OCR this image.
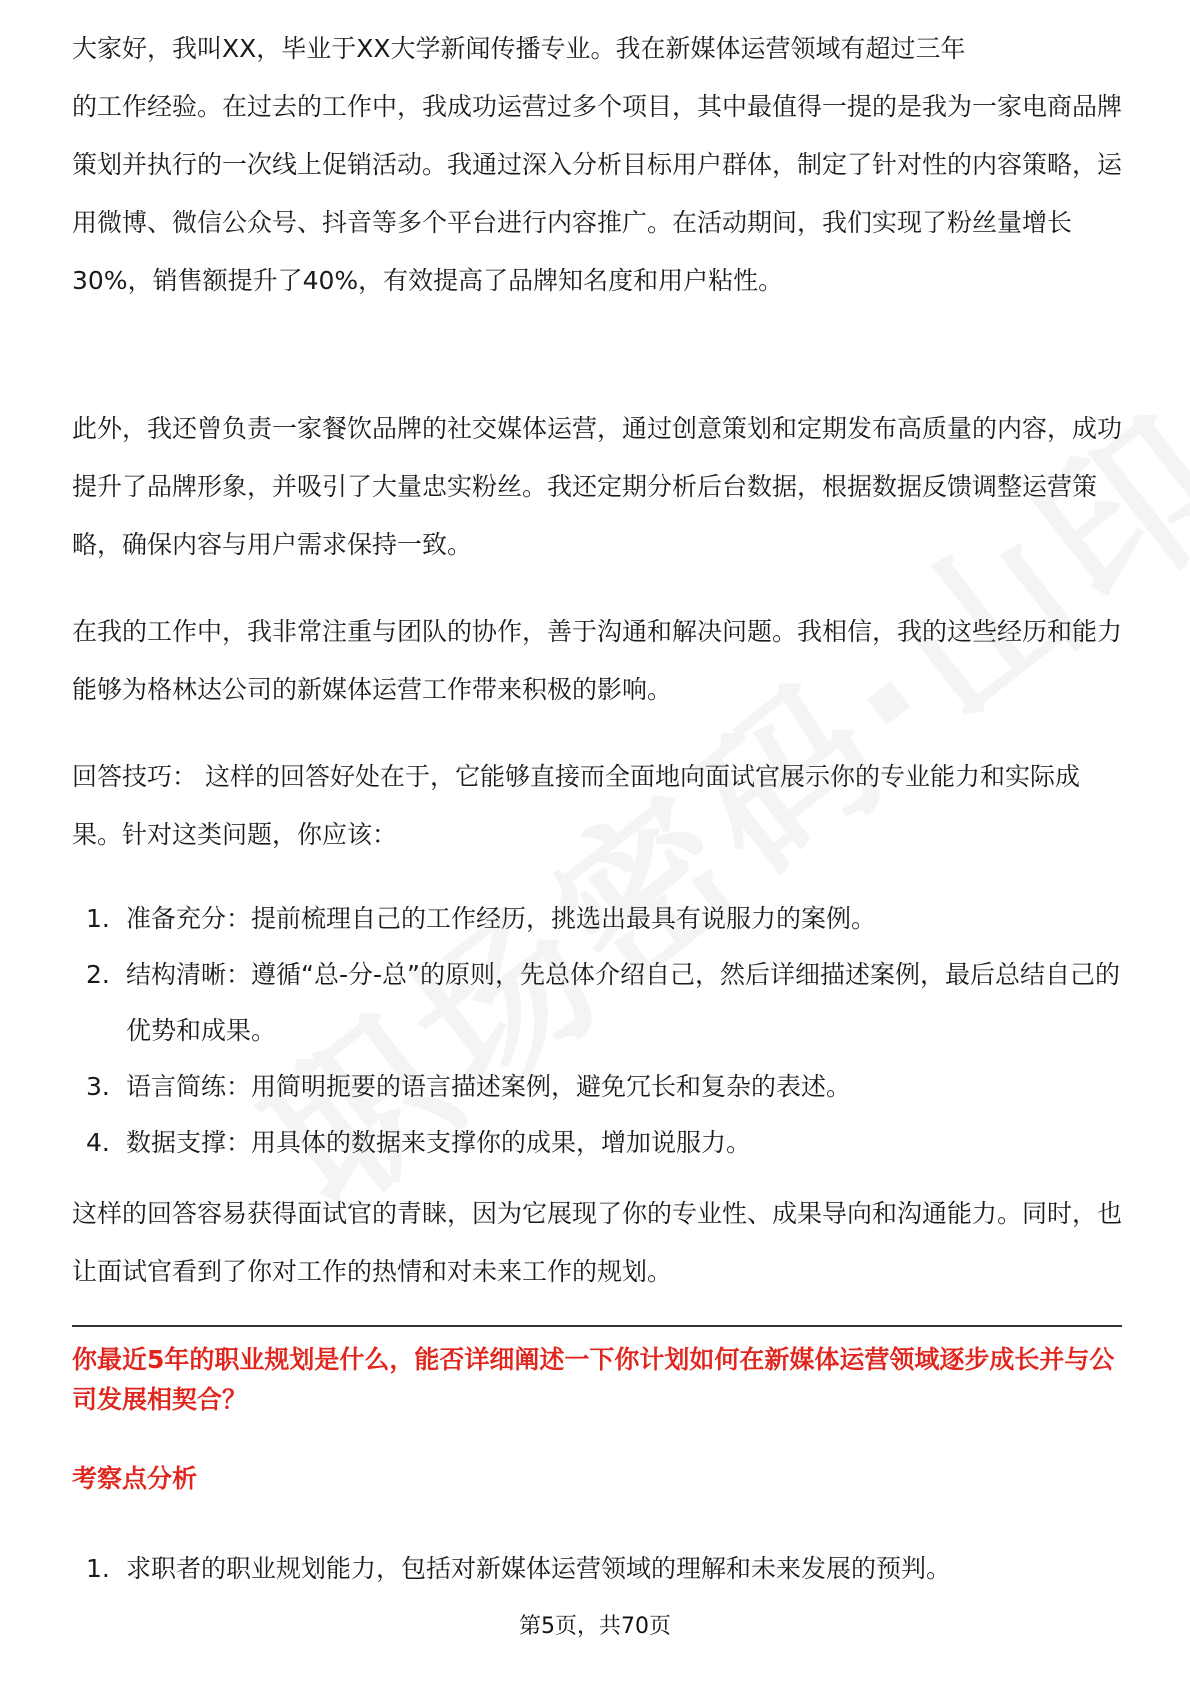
大家好，我叫XX，毕业于XX大学新闻传播专业。我在新媒体运营领域有超过三年
的工作经验。在过去的工作中，我成功运营过多个项目，其中最值得一提的是我为一家电商品牌策划并执行的一次线上促销活动。我通过深入分析目标用户群体，制定了针对性的内容策略，运用微博、微信公众号、抖音等多个平台进行内容推广。在活动期间，我们实现了粉丝量增长30%，销售额提升了40%，有效提高了品牌知名度和用户粘性。

此外，我还曾负责一家餐饮品牌的社交媒体运营，通过创意策划和定期发布高质量的内容，成功提升了品牌形象，并吸引了大量忠实粉丝。我还定期分析后台数据，根据数据反馈调整运营策略，确保内容与用户需求保持一致。

在我的工作中，我非常注重与团队的协作，善于沟通和解决问题。我相信，我的这些经历和能力能够为格林达公司的新媒体运营工作带来积极的影响。

回答技巧： 这样的回答好处在于，它能够直接而全面地向面试官展示你的专业能力和实际成果。针对这类问题，你应该：

1. 准备充分：提前梳理自己的工作经历，挑选出最具有说服力的案例。
2. 结构清晰：遵循“总-分-总”的原则，先总体介绍自己，然后详细描述案例，最后总结自己的优势和成果。
3. 语言简练：用简明扼要的语言描述案例，避免冗长和复杂的表述。
4. 数据支撑：用具体的数据来支撑你的成果，增加说服力。

这样的回答容易获得面试官的青睐，因为它展现了你的专业性、成果导向和沟通能力。同时，也让面试官看到了你对工作的热情和对未来工作的规划。

你最近5年的职业规划是什么，能否详细阐述一下你计划如何在新媒体运营领域逐步成长并与公司发展相契合？
考察点分析
1. 求职者的职业规划能力，包括对新媒体运营领域的理解和未来发展的预判。
第5页，共70页
